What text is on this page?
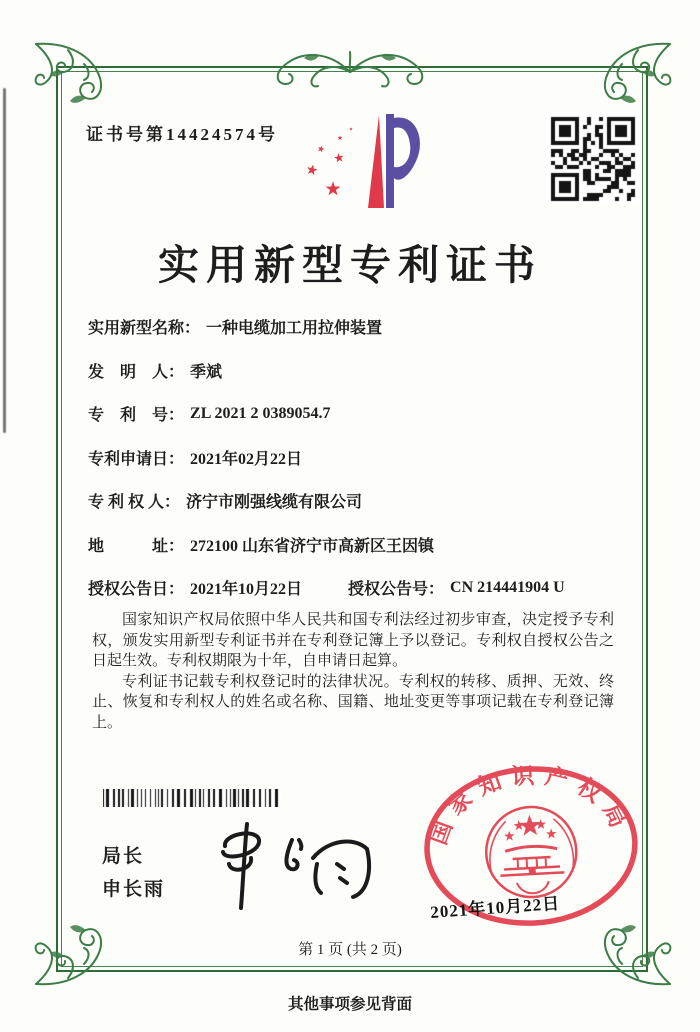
证书号第14424574号
实用新型专利证书
实用新型名称： 一种电缆加工用拉伸装置
发　明　人： 季斌
专　利　号： ZL 2021 2 0389054.7
专利申请日： 2021年02月22日
专 利 权 人： 济宁市刚强线缆有限公司
地　　　址： 272100 山东省济宁市高新区王因镇
授权公告日： 2021年10月22日	授权公告号： CN 214441904 U

国家知识产权局依照中华人民共和国专利法经过初步审查，决定授予专利权，颁发实用新型专利证书并在专利登记簿上予以登记。专利权自授权公告之日起生效。专利权期限为十年，自申请日起算。

专利证书记载专利权登记时的法律状况。专利权的转移、质押、无效、终止、恢复和专利权人的姓名或名称、国籍、地址变更等事项记载在专利登记簿上。

局长
申长雨
国家知识产权局
2021年10月22日
第 1 页 (共 2 页)
其他事项参见背面
